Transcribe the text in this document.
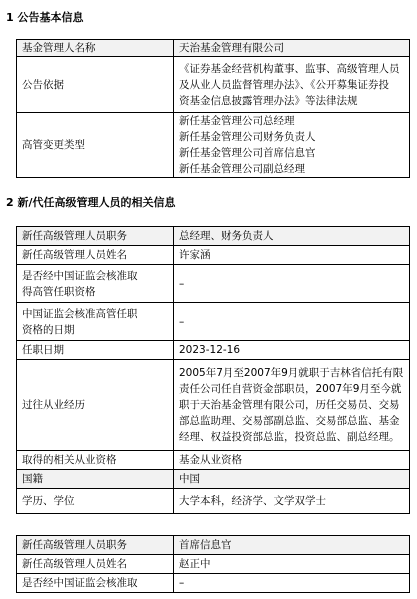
1 公告基本信息
基金管理人名称	天治基金管理有限公司

公告依据	《证券基金经营机构董事、监事、高级管理人员
及从业人员监督管理办法》、《公开募集证券投
资基金信息披露管理办法》等法律法规

高管变更类型	新任基金管理公司总经理
新任基金管理公司财务负责人
新任基金管理公司首席信息官
新任基金管理公司副总经理
2 新/代任高级管理人员的相关信息
新任高级管理人员职务	总经理、财务负责人

新任高级管理人员姓名	许家涵

是否经中国证监会核准取
得高管任职资格	–

中国证监会核准高管任职
资格的日期	–

任职日期	2023-12-16

过往从业经历	2005年7月至2007年9月就职于吉林省信托有限
责任公司任自营资金部职员，2007年9月至今就
职于天治基金管理有限公司，历任交易员、交易
部总监助理、交易部副总监、交易部总监、基金
经理、权益投资部总监，投资总监、副总经理。

取得的相关从业资格	基金从业资格

国籍	中国

学历、学位	大学本科，经济学、文学双学士
新任高级管理人员职务	首席信息官

新任高级管理人员姓名	赵正中

是否经中国证监会核准取	–
